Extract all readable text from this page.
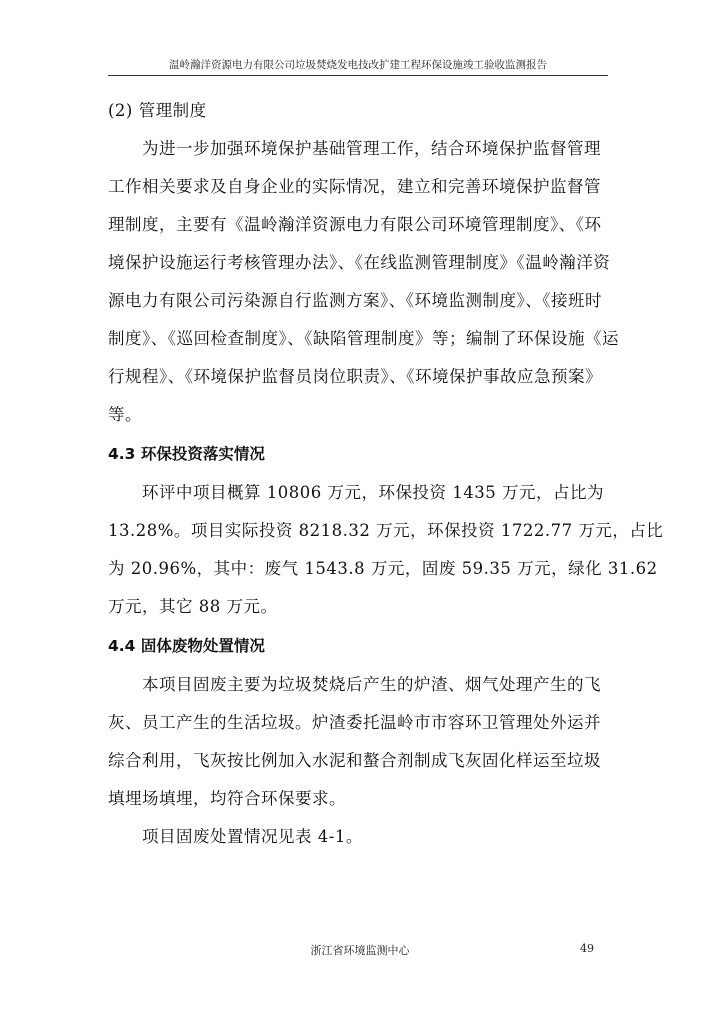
温岭瀚洋资源电力有限公司垃圾焚烧发电技改扩建工程环保设施竣工验收监测报告
(2) 管理制度
为进一步加强环境保护基础管理工作，结合环境保护监督管理
工作相关要求及自身企业的实际情况，建立和完善环境保护监督管
理制度，主要有《温岭瀚洋资源电力有限公司环境管理制度》、《环
境保护设施运行考核管理办法》、《在线监测管理制度》《温岭瀚洋资
源电力有限公司污染源自行监测方案》、《环境监测制度》、《接班时
制度》、《巡回检查制度》、《缺陷管理制度》等；编制了环保设施《运
行规程》、《环境保护监督员岗位职责》、《环境保护事故应急预案》
等。
4.3 环保投资落实情况
环评中项目概算 10806 万元，环保投资 1435 万元，占比为
13.28%。项目实际投资 8218.32 万元，环保投资 1722.77 万元，占比
为 20.96%，其中：废气 1543.8 万元，固废 59.35 万元，绿化 31.62
万元，其它 88 万元。
4.4 固体废物处置情况
本项目固废主要为垃圾焚烧后产生的炉渣、烟气处理产生的飞
灰、员工产生的生活垃圾。炉渣委托温岭市市容环卫管理处外运并
综合利用，飞灰按比例加入水泥和螯合剂制成飞灰固化样运至垃圾
填埋场填埋，均符合环保要求。
项目固废处置情况见表 4-1。
浙江省环境监测中心	49
